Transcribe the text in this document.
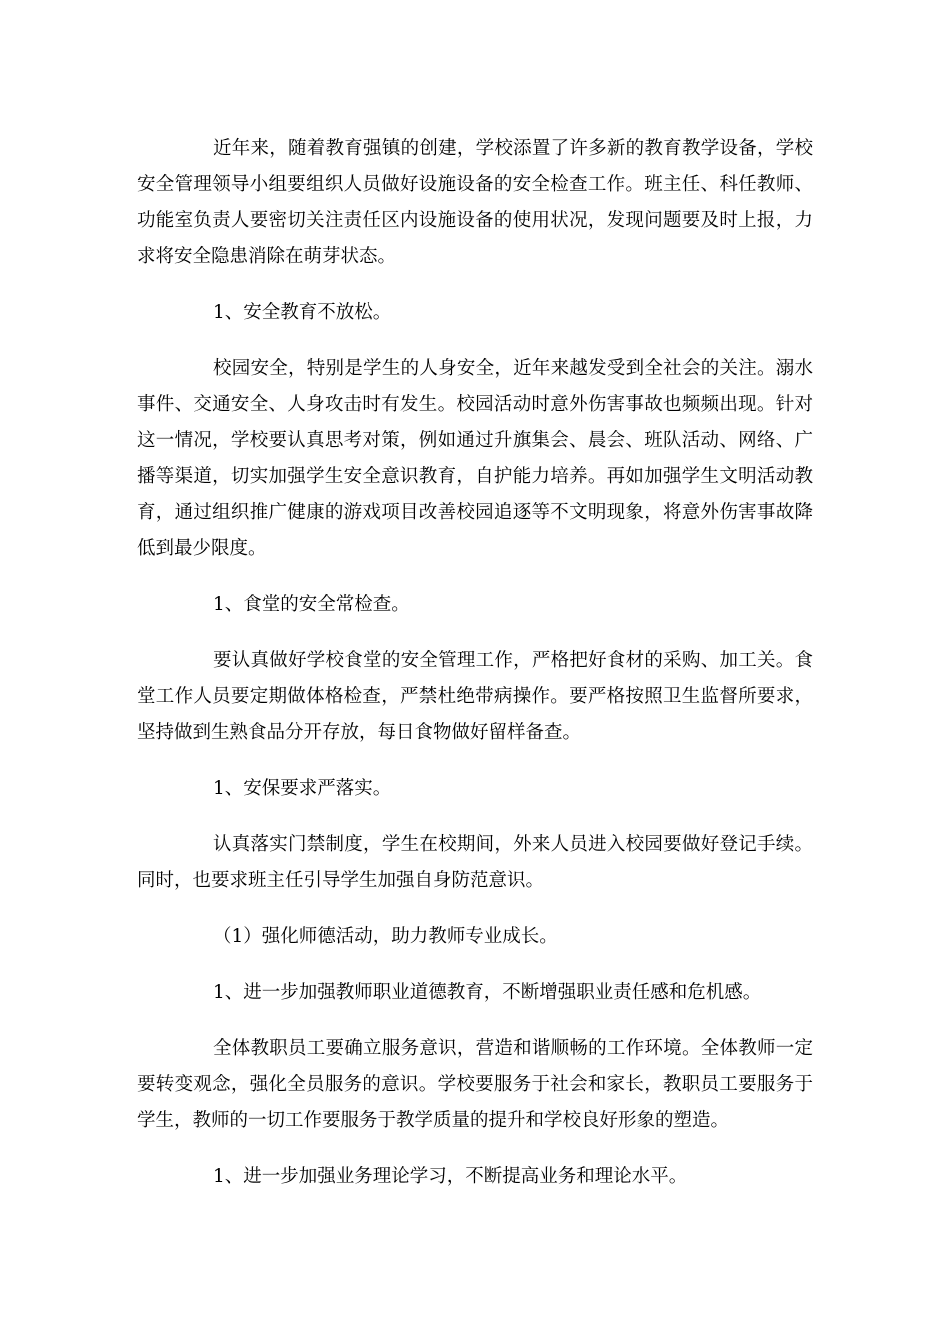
近年来，随着教育强镇的创建，学校添置了许多新的教育教学设备，学校安全管理领导小组要组织人员做好设施设备的安全检查工作。班主任、科任教师、功能室负责人要密切关注责任区内设施设备的使用状况，发现问题要及时上报，力求将安全隐患消除在萌芽状态。

1、安全教育不放松。

校园安全，特别是学生的人身安全，近年来越发受到全社会的关注。溺水事件、交通安全、人身攻击时有发生。校园活动时意外伤害事故也频频出现。针对这一情况，学校要认真思考对策，例如通过升旗集会、晨会、班队活动、网络、广播等渠道，切实加强学生安全意识教育，自护能力培养。再如加强学生文明活动教育，通过组织推广健康的游戏项目改善校园追逐等不文明现象，将意外伤害事故降低到最少限度。

1、食堂的安全常检查。

要认真做好学校食堂的安全管理工作，严格把好食材的采购、加工关。食堂工作人员要定期做体格检查，严禁杜绝带病操作。要严格按照卫生监督所要求，坚持做到生熟食品分开存放，每日食物做好留样备查。

1、安保要求严落实。

认真落实门禁制度，学生在校期间，外来人员进入校园要做好登记手续。同时，也要求班主任引导学生加强自身防范意识。

（1）强化师德活动，助力教师专业成长。

1、进一步加强教师职业道德教育，不断增强职业责任感和危机感。

全体教职员工要确立服务意识，营造和谐顺畅的工作环境。全体教师一定要转变观念，强化全员服务的意识。学校要服务于社会和家长，教职员工要服务于学生，教师的一切工作要服务于教学质量的提升和学校良好形象的塑造。

1、进一步加强业务理论学习，不断提高业务和理论水平。
